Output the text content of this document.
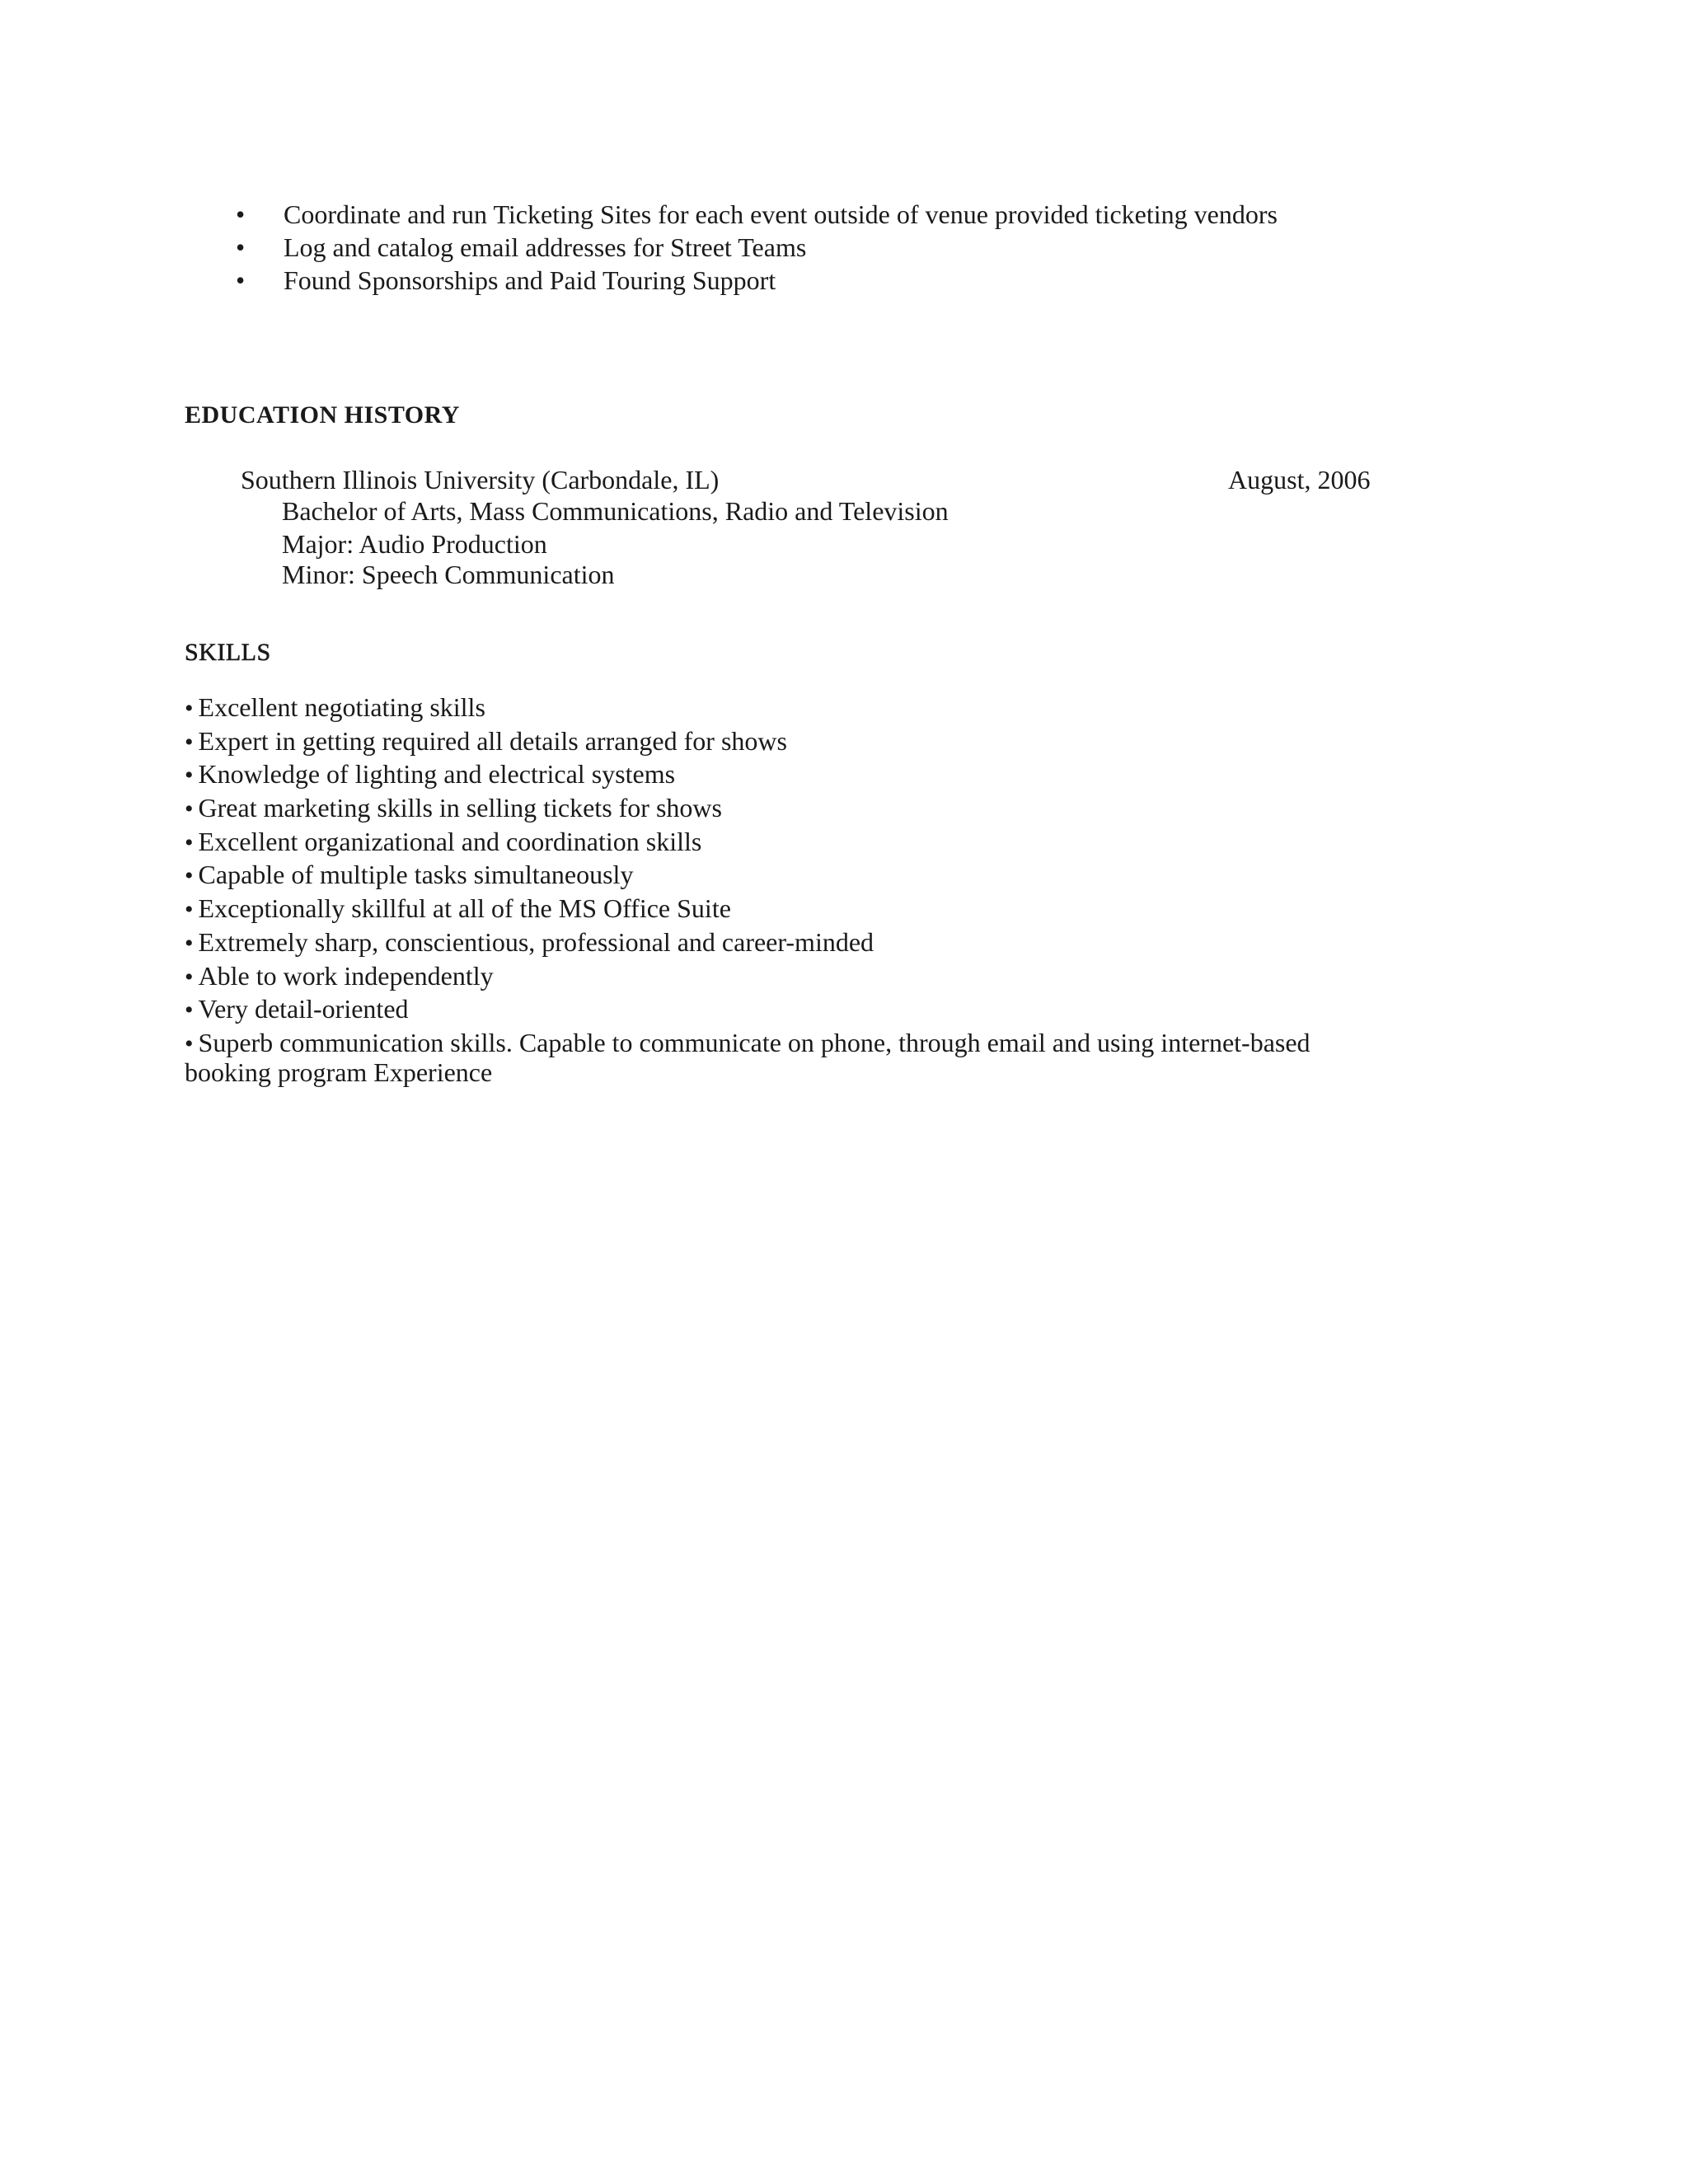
• Coordinate and run Ticketing Sites for each event outside of venue provided ticketing vendors
• Log and catalog email addresses for Street Teams
• Found Sponsorships and Paid Touring Support
EDUCATION HISTORY
Southern Illinois University (Carbondale, IL)	August, 2006
Bachelor of Arts, Mass Communications, Radio and Television
Major: Audio Production
Minor: Speech Communication
SKILLS
• Excellent negotiating skills
• Expert in getting required all details arranged for shows
• Knowledge of lighting and electrical systems
• Great marketing skills in selling tickets for shows
• Excellent organizational and coordination skills
• Capable of multiple tasks simultaneously
• Exceptionally skillful at all of the MS Office Suite
• Extremely sharp, conscientious, professional and career-minded
• Able to work independently
• Very detail-oriented
• Superb communication skills. Capable to communicate on phone, through email and using internet-based
booking program Experience
